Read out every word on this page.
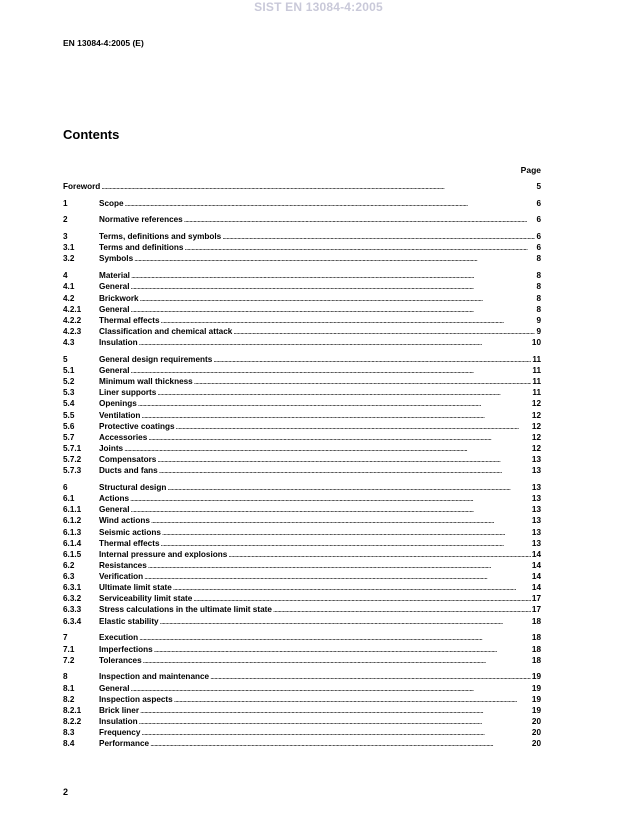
SIST EN 13084-4:2005
EN 13084-4:2005 (E)
Contents
Page
Foreword . . .	5
1	Scope . . .	6
2	Normative references . . .	6
3	Terms, definitions and symbols . . .	6
3.1	Terms and definitions . . .	6
3.2	Symbols . . .	8
4	Material . . .	8
4.1	General . . .	8
4.2	Brickwork . . .	8
4.2.1	General . . .	8
4.2.2	Thermal effects . . .	9
4.2.3	Classification and chemical attack . . .	9
4.3	Insulation . . .	10
5	General design requirements . . .	11
5.1	General . . .	11
5.2	Minimum wall thickness . . .	11
5.3	Liner supports . . .	11
5.4	Openings . . .	12
5.5	Ventilation . . .	12
5.6	Protective coatings . . .	12
5.7	Accessories . . .	12
5.7.1	Joints . . .	12
5.7.2	Compensators . . .	13
5.7.3	Ducts and fans . . .	13
6	Structural design . . .	13
6.1	Actions . . .	13
6.1.1	General . . .	13
6.1.2	Wind actions . . .	13
6.1.3	Seismic actions . . .	13
6.1.4	Thermal effects . . .	13
6.1.5	Internal pressure and explosions . . .	14
6.2	Resistances . . .	14
6.3	Verification . . .	14
6.3.1	Ultimate limit state . . .	14
6.3.2	Serviceability limit state . . .	17
6.3.3	Stress calculations in the ultimate limit state . . .	17
6.3.4	Elastic stability . . .	18
7	Execution . . .	18
7.1	Imperfections . . .	18
7.2	Tolerances . . .	18
8	Inspection and maintenance . . .	19
8.1	General . . .	19
8.2	Inspection aspects . . .	19
8.2.1	Brick liner . . .	19
8.2.2	Insulation . . .	20
8.3	Frequency . . .	20
8.4	Performance . . .	20
2
